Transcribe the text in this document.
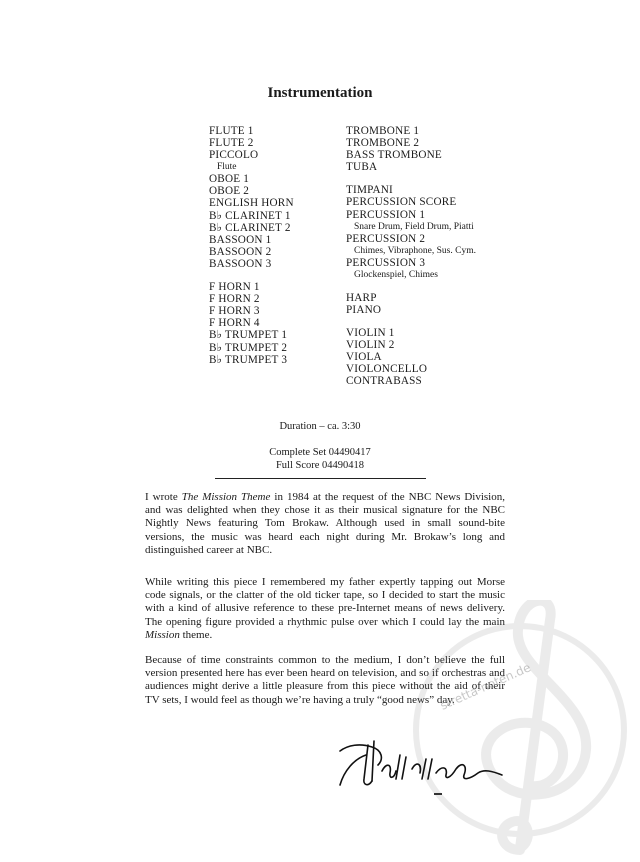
Instrumentation
FLUTE 1
FLUTE 2
PICCOLO
Flute
OBOE 1
OBOE 2
ENGLISH HORN
B♭ CLARINET 1
B♭ CLARINET 2
BASSOON 1
BASSOON 2
BASSOON 3
F HORN 1
F HORN 2
F HORN 3
F HORN 4
B♭ TRUMPET 1
B♭ TRUMPET 2
B♭ TRUMPET 3
TROMBONE 1
TROMBONE 2
BASS TROMBONE
TUBA
TIMPANI
PERCUSSION SCORE
PERCUSSION 1
Snare Drum, Field Drum, Piatti
PERCUSSION 2
Chimes, Vibraphone, Sus. Cym.
PERCUSSION 3
Glockenspiel, Chimes
HARP
PIANO
VIOLIN 1
VIOLIN 2
VIOLA
VIOLONCELLO
CONTRABASS
Duration – ca. 3:30
Complete Set 04490417
Full Score 04490418

I wrote The Mission Theme in 1984 at the request of the NBC News Division, and was delighted when they chose it as their musical signature for the NBC Nightly News featuring Tom Brokaw. Although used in small sound-bite versions, the music was heard each night during Mr. Brokaw’s long and distinguished career at NBC.

While writing this piece I remembered my father expertly tapping out Morse code signals, or the clatter of the old ticker tape, so I decided to start the music with a kind of allusive reference to these pre-Internet means of news delivery. The opening figure provided a rhythmic pulse over which I could lay the main Mission theme.

Because of time constraints common to the medium, I don’t believe the full version presented here has ever been heard on television, and so if orchestras and audiences might derive a little pleasure from this piece without the aid of their TV sets, I would feel as though we’re having a truly “good news” day.

stretta-noten.de
